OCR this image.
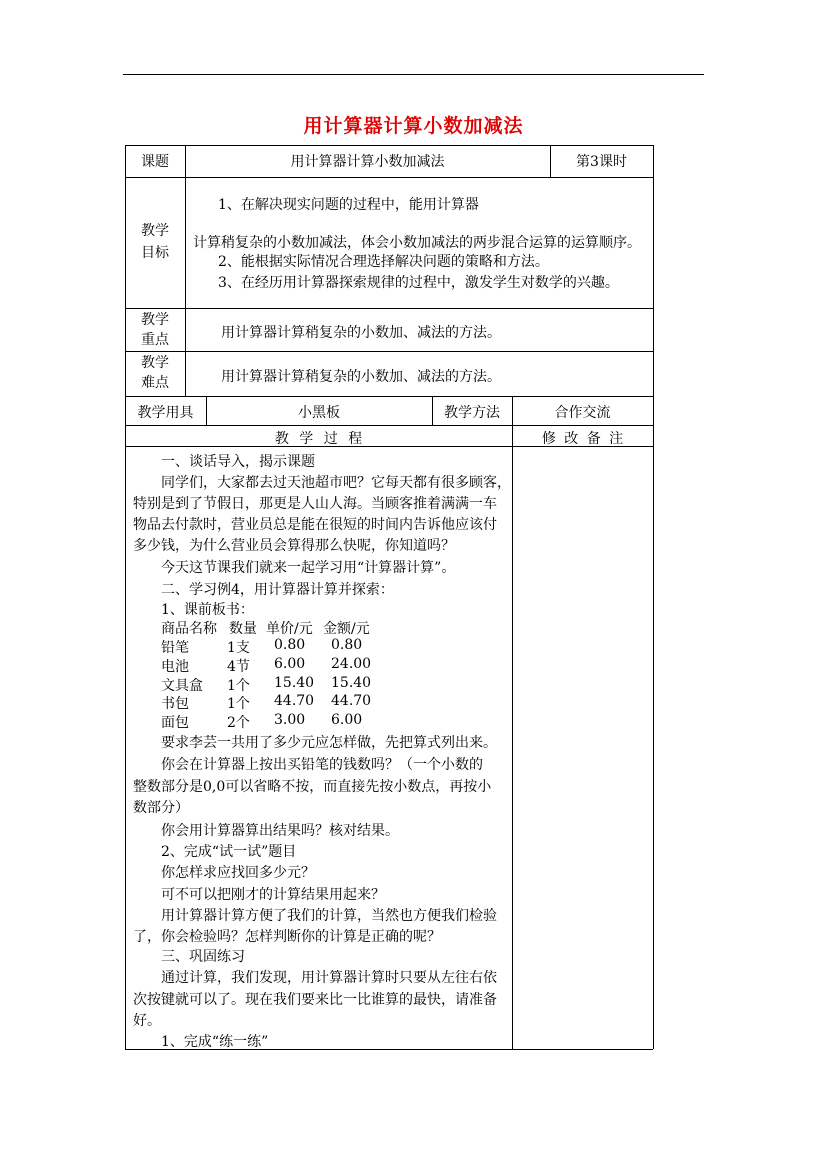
用计算器计算小数加减法
课题	用计算器计算小数加减法	第3课时
教学
目标
1、在解决现实问题的过程中，能用计算器
计算稍复杂的小数加减法，体会小数加减法的两步混合运算的运算顺序。
2、能根据实际情况合理选择解决问题的策略和方法。
3、在经历用计算器探索规律的过程中，激发学生对数学的兴趣。
教学
重点	用计算器计算稍复杂的小数加、减法的方法。
教学
难点	用计算器计算稍复杂的小数加、减法的方法。
教学用具	小黑板	教学方法	合作交流
教 学 过 程	修 改 备 注
一、谈话导入，揭示课题
同学们，大家都去过天池超市吧？它每天都有很多顾客，
特别是到了节假日，那更是人山人海。当顾客推着满满一车
物品去付款时，营业员总是能在很短的时间内告诉他应该付
多少钱，为什么营业员会算得那么快呢，你知道吗？
今天这节课我们就来一起学习用“计算器计算”。
二、学习例4，用计算器计算并探索：
1、课前板书：
商品名称 数量 单价/元 金额/元
铅笔	1支 0.80 0.80
电池	4节 6.00 24.00
文具盒 1个 15.40 15.40
书包	1个 44.70 44.70
面包	2个 3.00 6.00
要求李芸一共用了多少元应怎样做，先把算式列出来。
你会在计算器上按出买铅笔的钱数吗？（一个小数的
整数部分是0,0可以省略不按，而直接先按小数点，再按小
数部分）
你会用计算器算出结果吗？核对结果。
2、完成“试一试”题目
你怎样求应找回多少元？
可不可以把刚才的计算结果用起来？
用计算器计算方便了我们的计算，当然也方便我们检验
了，你会检验吗？怎样判断你的计算是正确的呢？
三、巩固练习
通过计算，我们发现，用计算器计算时只要从左往右依
次按键就可以了。现在我们要来比一比谁算的最快，请准备
好。
1、完成“练一练”
